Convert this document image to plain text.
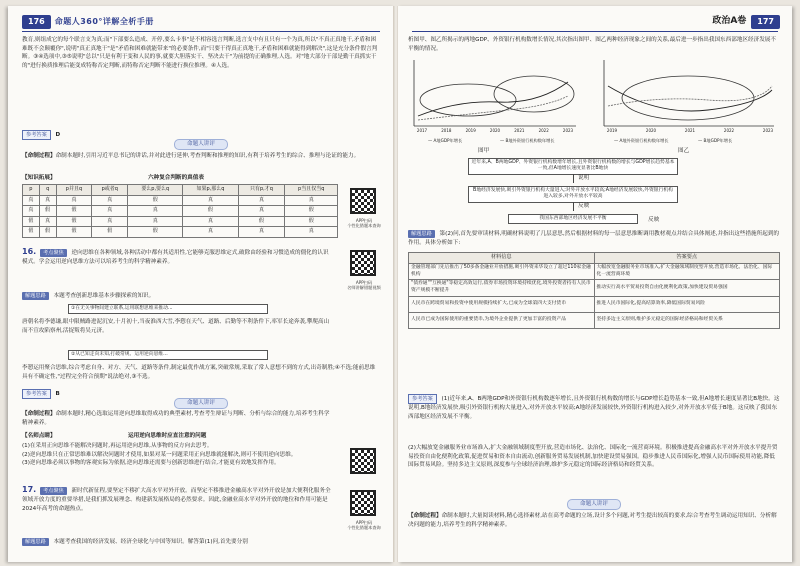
176	命题人360°详解全析手册
教育,则组成它的每个联言支为真;而"下部要么造成、开停,要么卡事"是不相容选言判断,选言支中有且只有一个为真,所以"不真正真地干,矛盾和困难既不会颠覆你",说明"真正真地干"是"矛盾和困难就能带来"的必要条件,而"只要干得真正真地干,矛盾和困难就能得到解决",这是充分条件假言判断。③④选项中,③⑤说明"总以"只是有利于变和人民的事,就要大胆落实干、坚决去干"为前提的正确推理,人选。对"地大部分干部是勤干真抓实干的"进行换质推理后能变成特称否定判断,而特称否定判断不能进行换位推理。④人选。
参考答案 D
命题人讲评
【命制过程】命制本题时,引用习近平总书记的讲话,并对此进行延伸,考查判断和推理的知识,有利于培养考生的综合、推理与论证的能力。
【知识拓展】	六种复合判断的真值表
p	q	p并且q	p或者q	要么p,要么q	如果p,那么q	只有p,才q	p当且仅当q
真	真	真	真	假	真	真	真
真	假	假	真	真	假	真	假
假	真	假	真	真	真	假	假
假	假	假	假	假	真	真	真
APP扫码
个性化错题本查询
16. 考点聚焦 逆向思维在各种领域,各种活动中都有其适用性,它能够克服思维定式,破除由经验和习惯造成的僵化的认识模式。学会运用逆向思维方法可以培养考生的科学精神素养。
APP扫码
名师讲解错题视频
解题思路 本题考查创新思维基本步骤探索的知识。
①在无关事物间建立联系,运用联想思维来推动...
唐朝名将李德谦,眼中限贼路进泥沉安,十月初十,当夜淮西大雪,李愬在天气、道路、后勤等不利条件下,率军长途奔袭,攀爬高山而不宣攻陷察州,活捉叛将吴元济。
②从已知走向未知,打破常规、运用逆向思维...
李愬运用聚合思维,综合考虑自身、对方、天气、道路等条件,制定最优作战方案,突破常规,采取了常人意想不到的方式,出奇制胜;④不选;能前思维具有不确定性,"过程完全符合预期"说法绝对,③不选。
参考答案 B
命题人讲评
【命制过程】命制本题时,精心选取运用逆向思维取得成功的典型素材,考查考生辩证与判断、分析与综合的能力,培养考生科学精神素养。
【名师点睛】	运用逆向思维时应直注意的问题
(1)在采用正向思维不能解决问题时,再运用逆向思维,从事物的反方向去思考。
(2)逆向思维只在正常思维难以解决问题时才使用,如果对某一问题采用正向思维就能解决,则可不使用逆向思维。
(3)逆向思维必须以事物的客观实际为依据,逆向思维还需要与创新思维进行结合,才能更有效地发挥作用。
17. 考点聚焦 新时代新征程,要坚定不移扩大高水平对外开放。而坚定不移推进金融高水平对外开放是加大便利化服务全领域开放力度的重要举措,是我们抓发展理念、构建新发展格局的必然要求。因此,金融业高水平对外开放的地位和作用可能是2024年高考的命题热点。
APP扫码
个性化错题本查询
解题思路 本题考查我国的经济发展、经济全球化与中国等知识。解答第(1)问,首先要分别
政治A卷	177
析图甲、图乙所揭示的两地GDP、外资银行机构数增长情况,其次指出图甲、图乙两种经济现象之间的关系,最后进一步指出我国东西部地区经济发展不平衡的情况。
2017	2018	2019	2020	2021	2022	2023
— A地GDP年增长	— B地外资银行机构数年增长
2019	2020	2021	2022	2023
— A地外资银行机构数年增长	— B地GDP年增长
图甲	图乙
近年来,A、B两地GDP、外资银行机构数增年增长,且外资银行机构数的增长与GDP增长趋势基本一致,但A地增长速度显著比B地快
说明
B地经济发展快,吸引外资银行机构大量进入;对外开放水平较高;A地经济发展较快,外资银行机构进入较多,对外开放水平较高
反映
我国东西部地区经济发展不平衡	反映
解题思路 第(2)问,首先要审读材料,明确材料说明了几层意思,然后根据材料的每一层意思推断调用教材观点并结合具体阐述,并指出这些措施所起到的作用。具体分析如下:
材料信息	答案要点
金融管理部门先后推出了50多条金融业开放措施,吸引外资来华设立了超过110家金融机构	大幅放宽金融服务业市场准入,扩大金融领域制度型开放,营造市场化、法治化、国际化一流营商环境
"债券通""互换通"等稳定高效运行,债券市场投资环境持续优化,境外投资者持有人民币资产规模不断提升	推动实行高水平贸易投资自由化便利化政策,加快建设贸易强国
人民币在跨境贸易和投资中使用规模持续扩大,已成为全球第四大支付货币	推进人民币国际化,提高结算效率,降低国际贸易风险
人民币已成为国际使用的重要货币,为境外企业提供了更加丰富的投资产品	坚持多边主义原则,维护多元稳定的国际经济格局和经贸关系
参考答案 (1)近年来,A、B两地GDP和外资银行机构数逐年增长,且外资银行机构数的增长与GDP增长趋势基本一致,但A地增长速度显著比B地快。这说明,B地经济发展快,吸引外资银行机构大量进入,对外开放水平较高;A地经济发展较快,外资银行机构进入较少,对外开放水平低于B地。这反映了我国东西部地区经济发展不平衡。
(2)大幅放宽金融服务业市场准入,扩大金融领域制度型开放,营造市场化、法治化、国际化一流营商环境。积极推进提高金融高水平对外开放水平提升贸易投资自由化便利化政策,促进贸易和资本自由流动,创新服务贸易发展机制,加快建设贸易强国。稳步推进人民币国际化,增强人民币国际使用功能,降低国际贸易风险。坚持多边主义原则,深度参与全球经济治理,维护多元稳定的国际经济格局和经贸关系。
命题人讲评
【命制过程】命制本题时,大量阅读材料,精心选择素材,站在高考命题的立场,设计多个问题,对考生提出较高的要求,综合考查考生调动运用知识、分析解决问题的能力,培养考生的科学精神素养。
